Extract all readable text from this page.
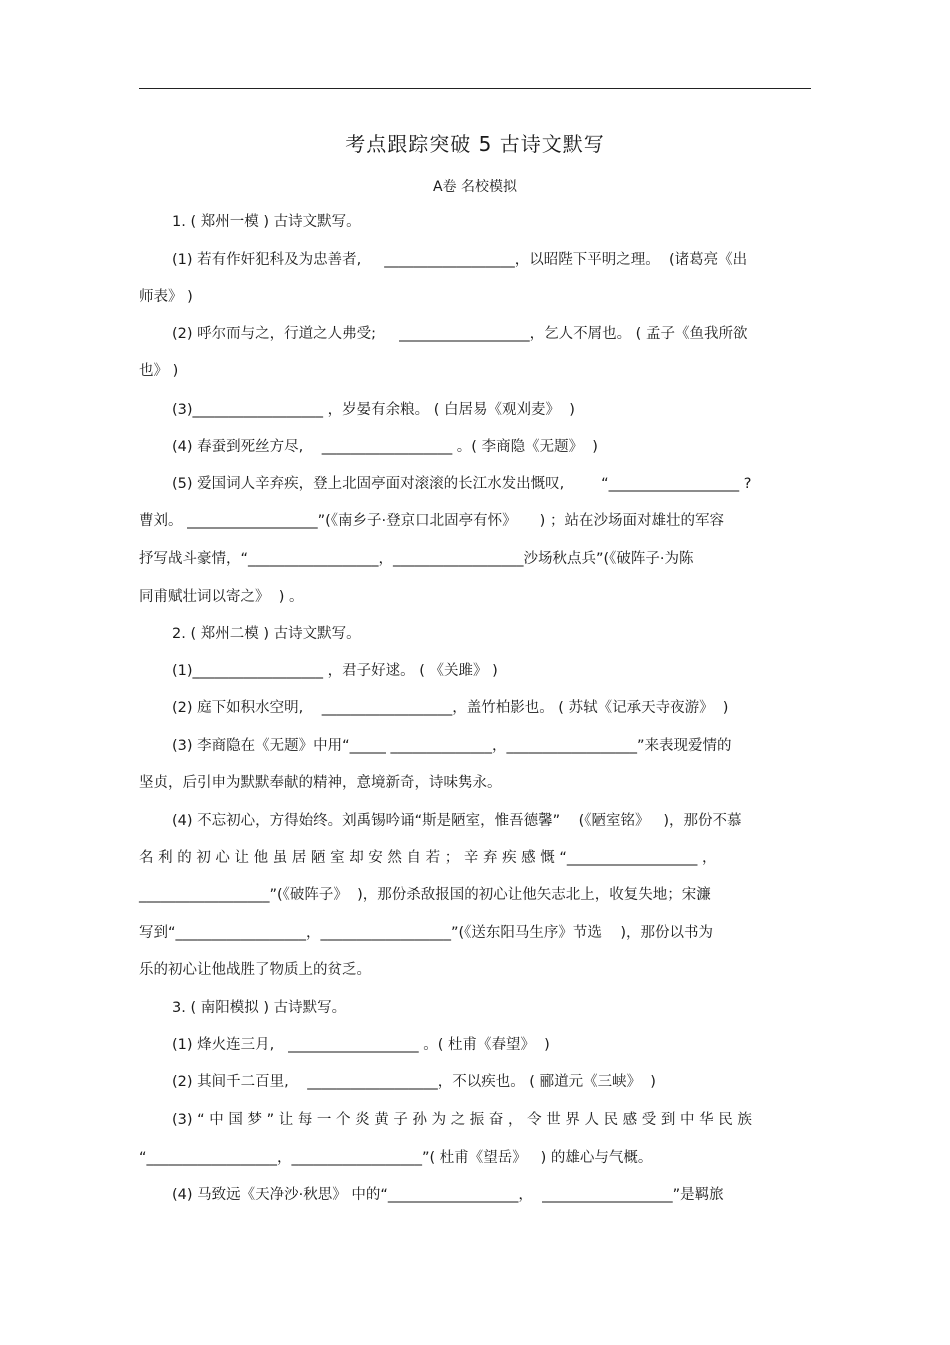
考点跟踪突破 5 古诗文默写
A卷 名校模拟
1. ( 郑州一模 ) 古诗文默写。
(1) 若有作奸犯科及为忠善者,     __________________，以昭陛下平明之理。  (诸葛亮《出
师表》 )
(2) 呼尔而与之，行道之人弗受;     __________________，乞人不屑也。 ( 孟子《鱼我所欲
也》 )
(3)__________________ ，岁晏有余粮。 ( 白居易《观刈麦》  )
(4) 春蚕到死丝方尽,    __________________ 。( 李商隐《无题》  )
(5) 爱国词人辛弃疾，登上北固亭面对滚滚的长江水发出慨叹,        “__________________ ?
曹刘。 __________________”(《南乡子·登京口北固亭有怀》     ) ；站在沙场面对雄壮的军容
抒写战斗豪情，“__________________，__________________沙场秋点兵”(《破阵子·为陈
同甫赋壮词以寄之》  ) 。
2. ( 郑州二模 ) 古诗文默写。
(1)__________________ ，君子好逑。 ( 《关雎》 )
(2) 庭下如积水空明,    __________________，盖竹柏影也。 ( 苏轼《记承天寺夜游》  )
(3) 李商隐在《无题》中用“_____ ______________，__________________”来表现爱情的
坚贞，后引申为默默奉献的精神，意境新奇，诗味隽永。
(4) 不忘初心，方得始终。刘禹锡吟诵“斯是陋室，惟吾德馨”    (《陋室铭》   )，那份不慕
名 利 的 初 心 让 他 虽 居 陋 室 却 安 然 自 若 ； 辛 弃 疾 感 慨 “__________________ ，
__________________”(《破阵子》  )，那份杀敌报国的初心让他矢志北上，收复失地；宋濂
写到“__________________，__________________”(《送东阳马生序》节选    )，那份以书为
乐的初心让他战胜了物质上的贫乏。
3. ( 南阳模拟 ) 古诗默写。
(1) 烽火连三月,   __________________ 。( 杜甫《春望》  )
(2) 其间千二百里,    __________________，不以疾也。 ( 郦道元《三峡》  )
(3) “ 中 国 梦 ” 让 每 一 个 炎 黄 子 孙 为 之 振 奋 ， 令 世 界 人 民 感 受 到 中 华 民 族
“__________________，__________________”( 杜甫《望岳》   ) 的雄心与气概。
(4) 马致远《天净沙·秋思》 中的“__________________，  __________________”是羁旅
